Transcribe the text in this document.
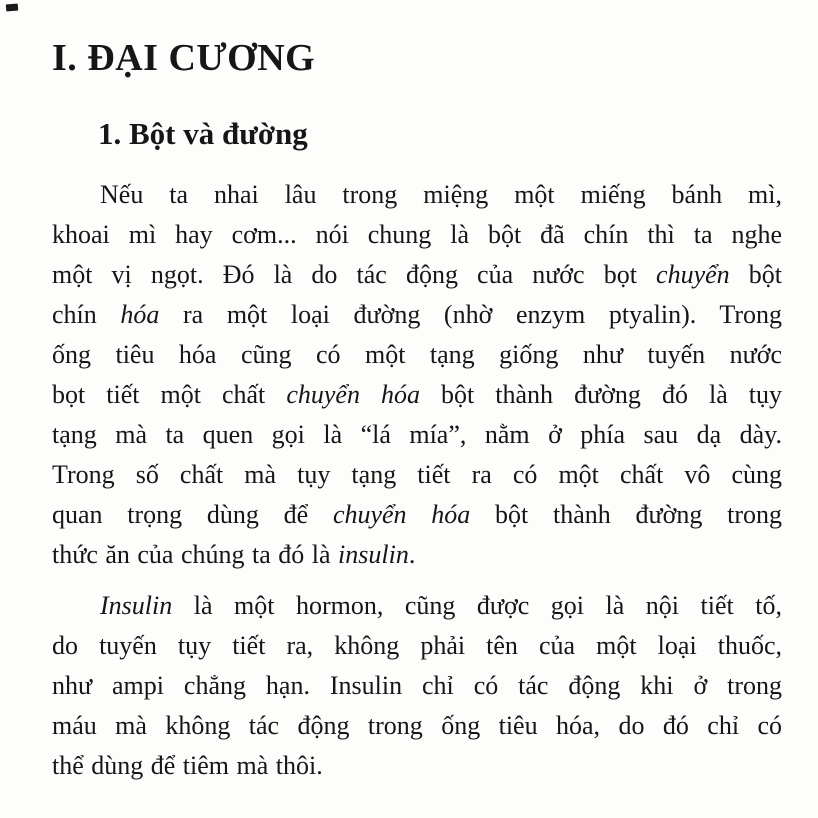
I. ĐẠI CƯƠNG
1. Bột và đường
Nếu ta nhai lâu trong miệng một miếng bánh mì,
khoai mì hay cơm... nói chung là bột đã chín thì ta nghe
một vị ngọt. Đó là do tác động của nước bọt chuyển bột
chín hóa ra một loại đường (nhờ enzym ptyalin). Trong
ống tiêu hóa cũng có một tạng giống như tuyến nước
bọt tiết một chất chuyển hóa bột thành đường đó là tụy
tạng mà ta quen gọi là “lá mía”, nằm ở phía sau dạ dày.
Trong số chất mà tụy tạng tiết ra có một chất vô cùng
quan trọng dùng để chuyển hóa bột thành đường trong
thức ăn của chúng ta đó là insulin.
Insulin là một hormon, cũng được gọi là nội tiết tố,
do tuyến tụy tiết ra, không phải tên của một loại thuốc,
như ampi chẳng hạn. Insulin chỉ có tác động khi ở trong
máu mà không tác động trong ống tiêu hóa, do đó chỉ có
thể dùng để tiêm mà thôi.
